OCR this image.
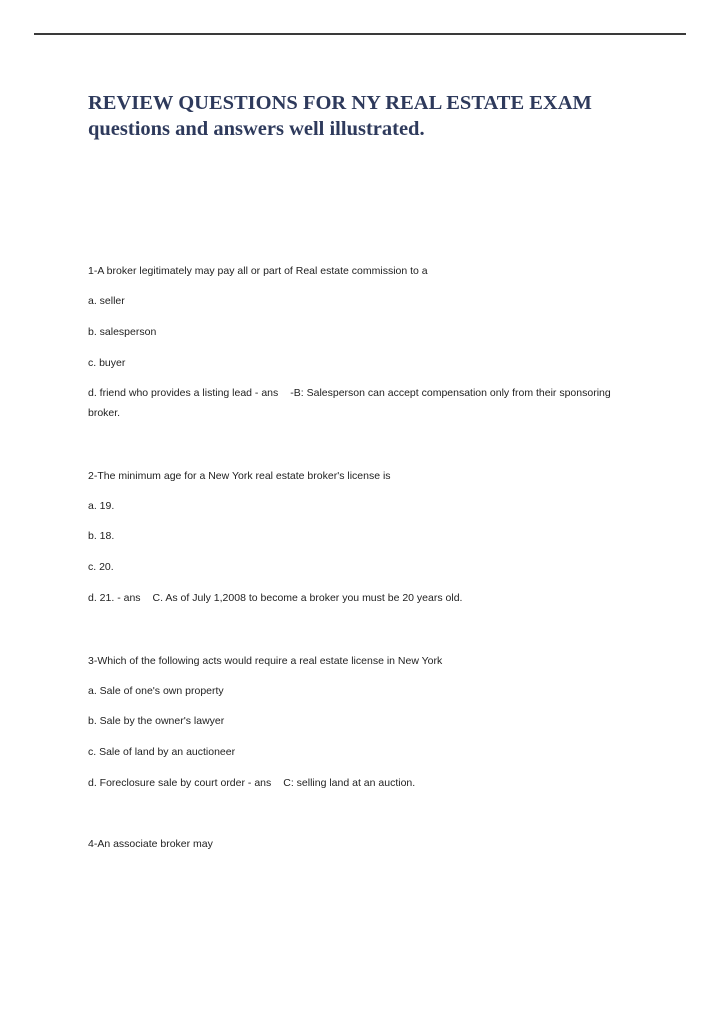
REVIEW QUESTIONS FOR NY REAL ESTATE EXAM
questions and answers well illustrated.
1-A broker legitimately may pay all or part of Real estate commission to a
a. seller
b. salesperson
c. buyer
d. friend who provides a listing lead - ans -B: Salesperson can accept compensation only from their sponsoring broker.
2-The minimum age for a New York real estate broker's license is
a. 19.
b. 18.
c. 20.
d. 21. - ans C. As of July 1,2008 to become a broker you must be 20 years old.
3-Which of the following acts would require a real estate license in New York
a. Sale of one's own property
b. Sale by the owner's lawyer
c. Sale of land by an auctioneer
d. Foreclosure sale by court order - ans C: selling land at an auction.
4-An associate broker may
